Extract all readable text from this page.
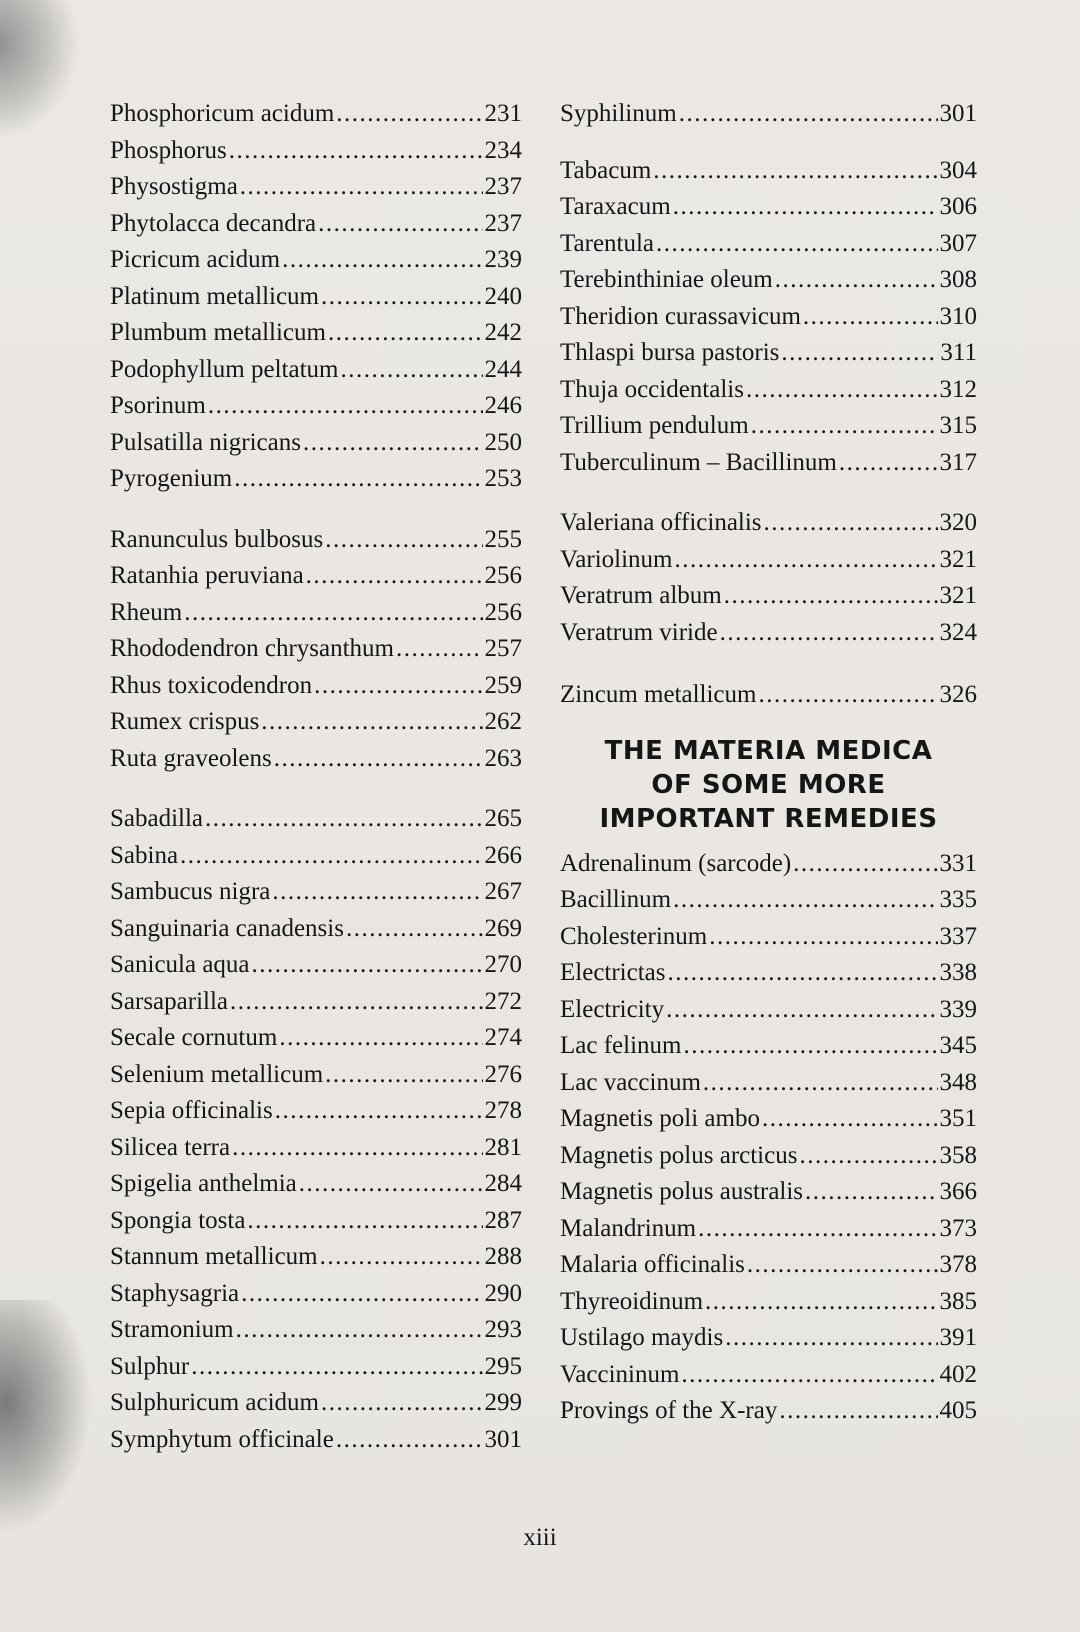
Phosphoricum acidum .....	231
Phosphorus .....	234
Physostigma .....	237
Phytolacca decandra .....	237
Picricum acidum .....	239
Platinum metallicum .....	240
Plumbum metallicum .....	242
Podophyllum peltatum .....	244
Psorinum .....	246
Pulsatilla nigricans .....	250
Pyrogenium .....	253
Ranunculus bulbosus .....	255
Ratanhia peruviana .....	256
Rheum .....	256
Rhododendron chrysanthum .....	257
Rhus toxicodendron .....	259
Rumex crispus .....	262
Ruta graveolens .....	263
Sabadilla .....	265
Sabina .....	266
Sambucus nigra .....	267
Sanguinaria canadensis .....	269
Sanicula aqua .....	270
Sarsaparilla .....	272
Secale cornutum .....	274
Selenium metallicum .....	276
Sepia officinalis .....	278
Silicea terra .....	281
Spigelia anthelmia .....	284
Spongia tosta .....	287
Stannum metallicum .....	288
Staphysagria .....	290
Stramonium .....	293
Sulphur .....	295
Sulphuricum acidum .....	299
Symphytum officinale .....	301
Syphilinum .....	301
Tabacum .....	304
Taraxacum .....	306
Tarentula .....	307
Terebinthiniae oleum .....	308
Theridion curassavicum .....	310
Thlaspi bursa pastoris .....	311
Thuja occidentalis .....	312
Trillium pendulum .....	315
Tuberculinum – Bacillinum .....	317
Valeriana officinalis .....	320
Variolinum .....	321
Veratrum album .....	321
Veratrum viride .....	324
Zincum metallicum .....	326
THE MATERIA MEDICA
OF SOME MORE
IMPORTANT REMEDIES
Adrenalinum (sarcode) .....	331
Bacillinum .....	335
Cholesterinum .....	337
Electrictas .....	338
Electricity .....	339
Lac felinum .....	345
Lac vaccinum .....	348
Magnetis poli ambo .....	351
Magnetis polus arcticus .....	358
Magnetis polus australis .....	366
Malandrinum .....	373
Malaria officinalis .....	378
Thyreoidinum .....	385
Ustilago maydis .....	391
Vaccininum .....	402
Provings of the X-ray .....	405
xiii
